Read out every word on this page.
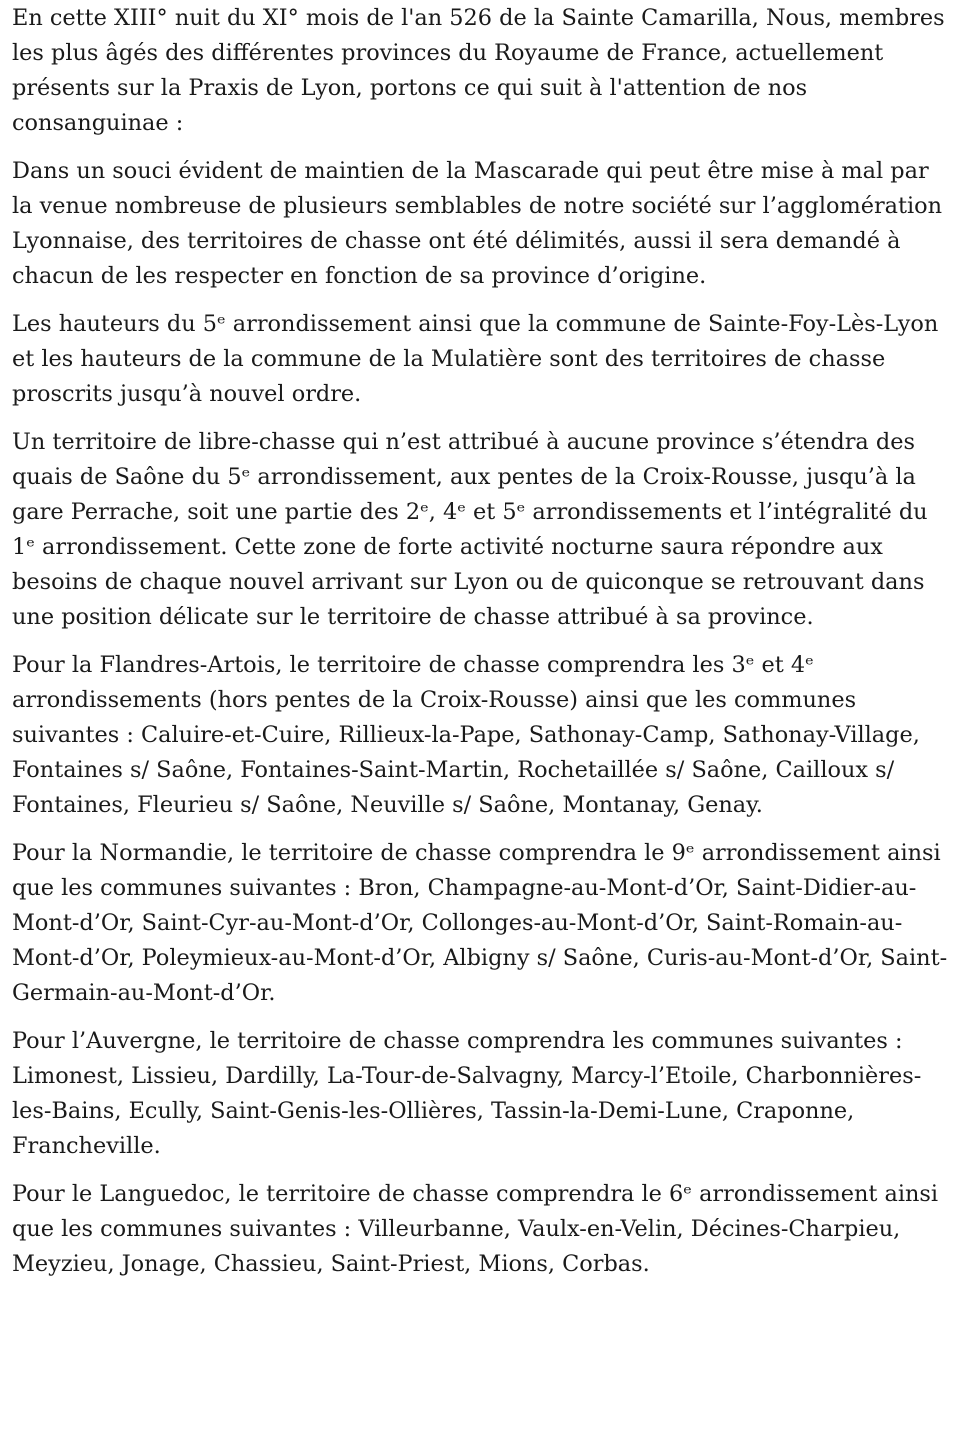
En cette XIII° nuit du XI° mois de l'an 526 de la Sainte Camarilla, Nous, membres les plus âgés des différentes provinces du Royaume de France, actuellement présents sur la Praxis de Lyon, portons ce qui suit à l'attention de nos consanguinae :

Dans un souci évident de maintien de la Mascarade qui peut être mise à mal par la venue nombreuse de plusieurs semblables de notre société sur l’agglomération Lyonnaise, des territoires de chasse ont été délimités, aussi il sera demandé à chacun de les respecter en fonction de sa province d’origine.

Les hauteurs du 5ᵉ arrondissement ainsi que la commune de Sainte-Foy-Lès-Lyon et les hauteurs de la commune de la Mulatière sont des territoires de chasse proscrits jusqu’à nouvel ordre.

Un territoire de libre-chasse qui n’est attribué à aucune province s’étendra des quais de Saône du 5ᵉ arrondissement, aux pentes de la Croix-Rousse, jusqu’à la gare Perrache, soit une partie des 2ᵉ, 4ᵉ et 5ᵉ arrondissements et l’intégralité du 1ᵉ arrondissement. Cette zone de forte activité nocturne saura répondre aux besoins de chaque nouvel arrivant sur Lyon ou de quiconque se retrouvant dans une position délicate sur le territoire de chasse attribué à sa province.

Pour la Flandres-Artois, le territoire de chasse comprendra les 3ᵉ et 4ᵉ arrondissements (hors pentes de la Croix-Rousse) ainsi que les communes suivantes : Caluire-et-Cuire, Rillieux-la-Pape, Sathonay-Camp, Sathonay-Village, Fontaines s/ Saône, Fontaines-Saint-Martin, Rochetaillée s/ Saône, Cailloux s/ Fontaines, Fleurieu s/ Saône, Neuville s/ Saône, Montanay, Genay.

Pour la Normandie, le territoire de chasse comprendra le 9ᵉ arrondissement ainsi que les communes suivantes : Bron, Champagne-au-Mont-d’Or, Saint-Didier-au-Mont-d’Or, Saint-Cyr-au-Mont-d’Or, Collonges-au-Mont-d’Or, Saint-Romain-au-Mont-d’Or, Poleymieux-au-Mont-d’Or, Albigny s/ Saône, Curis-au-Mont-d’Or, Saint-Germain-au-Mont-d’Or.

Pour l’Auvergne, le territoire de chasse comprendra les communes suivantes : Limonest, Lissieu, Dardilly, La-Tour-de-Salvagny, Marcy-l’Etoile, Charbonnières-les-Bains, Ecully, Saint-Genis-les-Ollières, Tassin-la-Demi-Lune, Craponne, Francheville.

Pour le Languedoc, le territoire de chasse comprendra le 6ᵉ arrondissement ainsi que les communes suivantes : Villeurbanne, Vaulx-en-Velin, Décines-Charpieu, Meyzieu, Jonage, Chassieu, Saint-Priest, Mions, Corbas.
